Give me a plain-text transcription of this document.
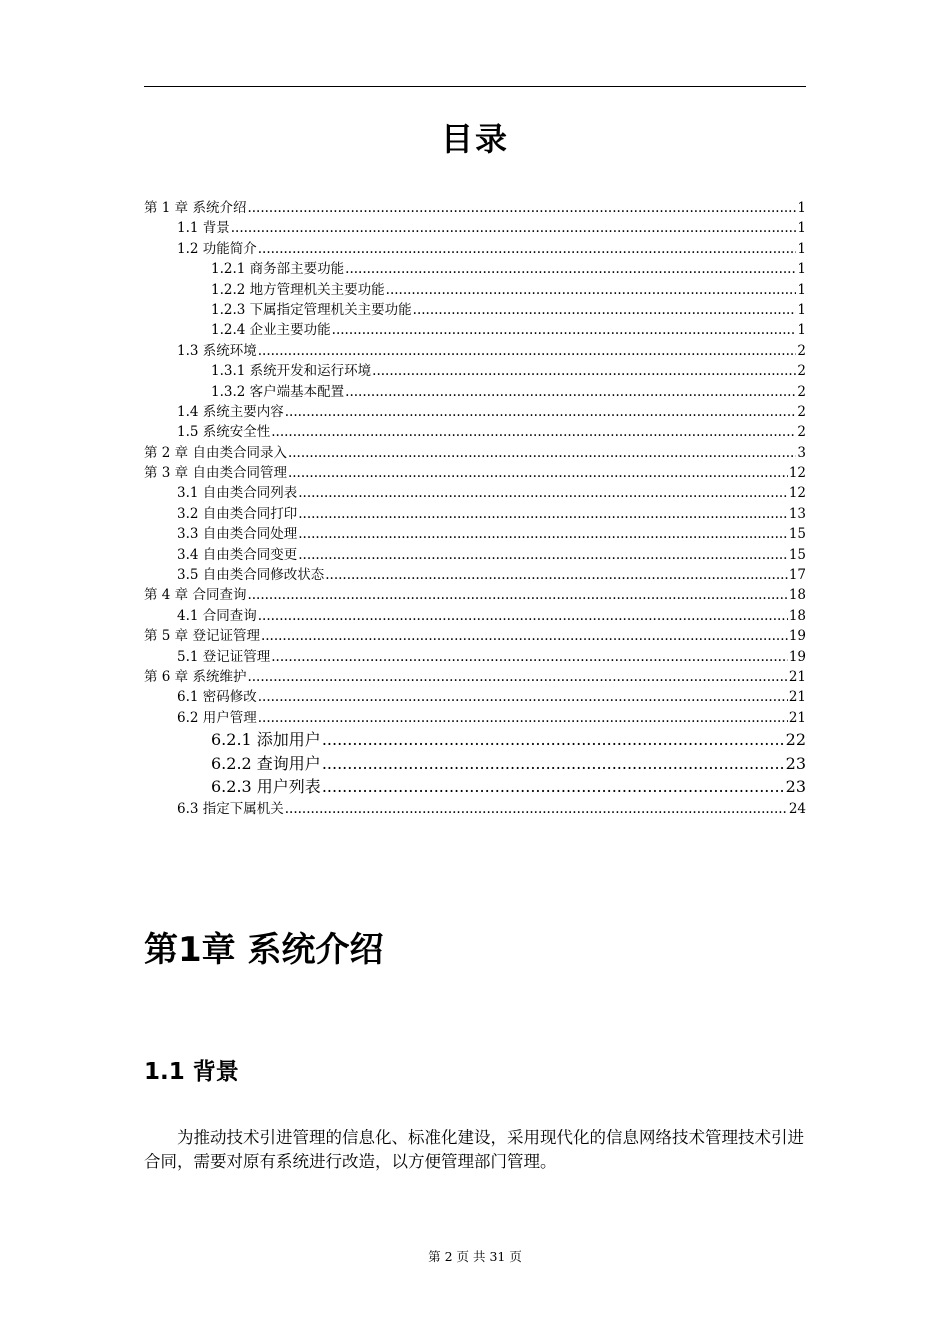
目录
第 1 章 系统介绍 .....	1
1.1 背景 .....	1
1.2 功能简介 .....	1
1.2.1 商务部主要功能 .....	1
1.2.2 地方管理机关主要功能 .....	1
1.2.3 下属指定管理机关主要功能 .....	1
1.2.4 企业主要功能 .....	1
1.3 系统环境 .....	2
1.3.1 系统开发和运行环境 .....	2
1.3.2 客户端基本配置 .....	2
1.4 系统主要内容 .....	2
1.5 系统安全性 .....	2
第 2 章 自由类合同录入 .....	3
第 3 章 自由类合同管理 .....	12
3.1 自由类合同列表 .....	12
3.2 自由类合同打印 .....	13
3.3 自由类合同处理 .....	15
3.4 自由类合同变更 .....	15
3.5 自由类合同修改状态 .....	17
第 4 章 合同查询 .....	18
4.1 合同查询 .....	18
第 5 章 登记证管理 .....	19
5.1 登记证管理 .....	19
第 6 章 系统维护 .....	21
6.1 密码修改 .....	21
6.2 用户管理 .....	21
6.2.1 添加用户 .....	22
6.2.2 查询用户 .....	23
6.2.3 用户列表 .....	23
6.3 指定下属机关 .....	24
第1章 系统介绍
1.1 背景

为推动技术引进管理的信息化、标准化建设，采用现代化的信息网络技术管理技术引进合同，需要对原有系统进行改造，以方便管理部门管理。

第 2 页 共 31 页
